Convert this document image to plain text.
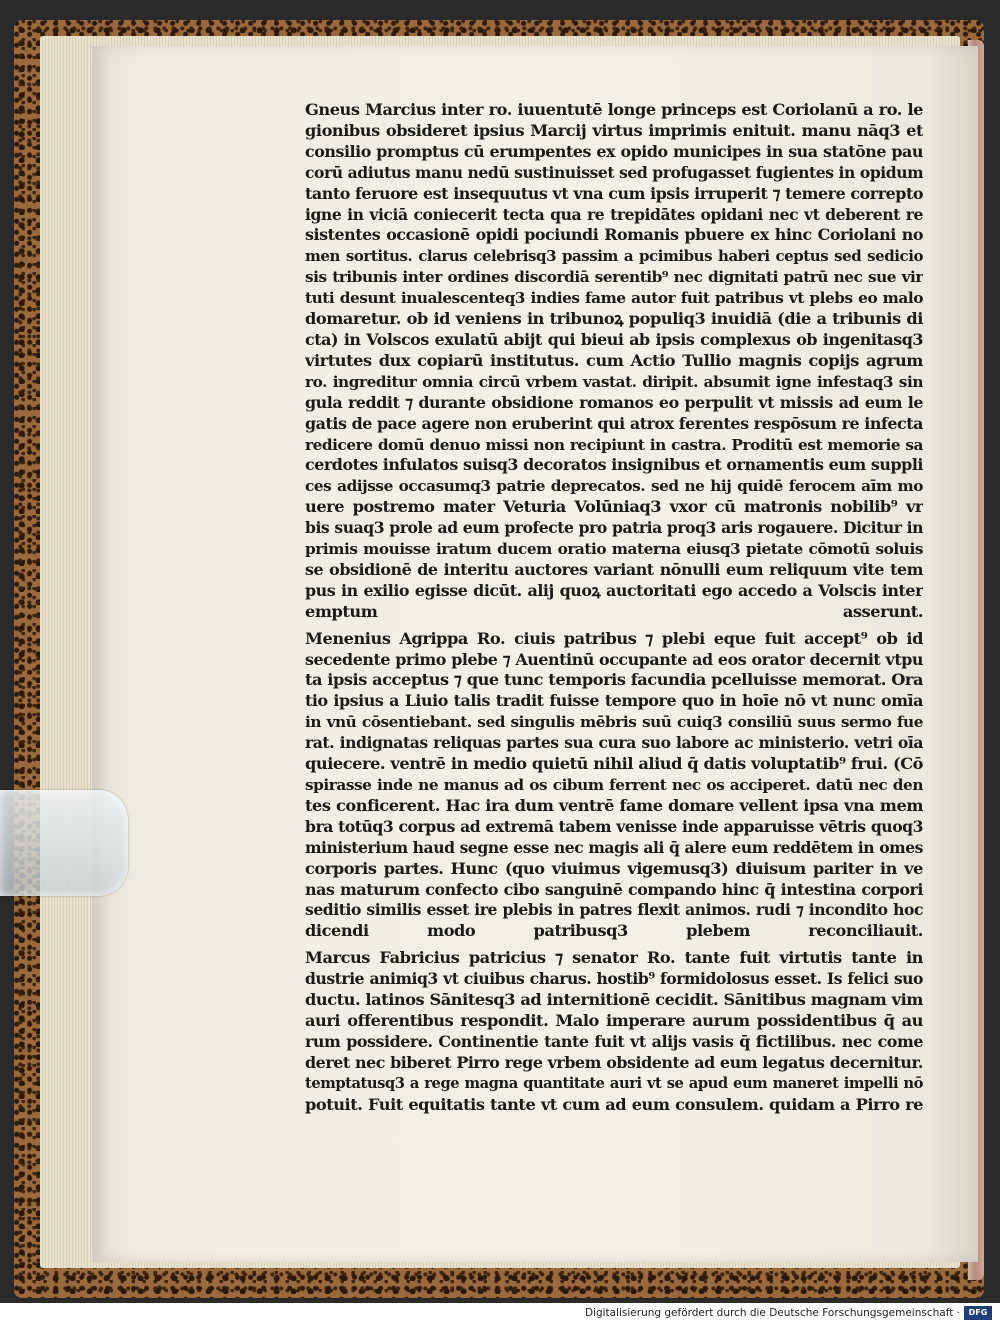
Gneus Marcius inter ro. iuuentutē longe princeps est Coriolanū a ro. le
gionibus obsideret ipsius Marcij virtus imprimis enituit. manu nāq3 et
consilio promptus cū erumpentes ex opido municipes in sua statōne pau
corū adiutus manu nedū sustinuisset sed profugasset fugientes in opidum
tanto feruore est insequutus vt vna cum ipsis irruperit ⁊ temere correpto
igne in viciā coniecerit tecta qua re trepidātes opidani nec vt deberent re
sistentes occasionē opidi pociundi Romanis pbuere ex hinc Coriolani no
men sortitus. clarus celebrisq3 passim a pcimibus haberi ceptus sed sedicio
sis tribunis inter ordines discordiā serentib⁹ nec dignitati patrū nec sue vir
tuti desunt inualescenteq3 indies fame autor fuit patribus vt plebs eo malo
domaretur. ob id veniens in tribunoꝝ populiq3 inuidiā (die a tribunis di
cta) in Volscos exulatū abijt qui bieui ab ipsis complexus ob ingenitasq3
virtutes dux copiarū institutus. cum Actio Tullio magnis copijs agrum
ro. ingreditur omnia circū vrbem vastat. diripit. absumit igne infestaq3 sin
gula reddit ⁊ durante obsidione romanos eo perpulit vt missis ad eum le
gatis de pace agere non eruberint qui atrox ferentes respōsum re infecta
redicere domū denuo missi non recipiunt in castra. Proditū est memorie sa
cerdotes infulatos suisq3 decoratos insignibus et ornamentis eum suppli
ces adijsse occasumq3 patrie deprecatos. sed ne hij quidē ferocem aīm mo
uere postremo mater Veturia Volūniaq3 vxor cū matronis nobilib⁹ vr
bis suaq3 prole ad eum profecte pro patria proq3 aris rogauere. Dicitur in
primis mouisse iratum ducem oratio materna eiusq3 pietate cōmotū soluis
se obsidionē de interitu auctores variant nōnulli eum reliquum vite tem
pus in exilio egisse dicūt. alij quoꝝ auctoritati ego accedo a Volscis inter
emptum asserunt.
Menenius Agrippa Ro. ciuis patribus ⁊ plebi eque fuit accept⁹ ob id
secedente primo plebe ⁊ Auentinū occupante ad eos orator decernit vtpu
ta ipsis acceptus ⁊ que tunc temporis facundia pcelluisse memorat. Ora
tio ipsius a Liuio talis tradit fuisse tempore quo in hoīe nō vt nunc omīa
in vnū cōsentiebant. sed singulis mēbris suū cuiq3 consiliū suus sermo fue
rat. indignatas reliquas partes sua cura suo labore ac ministerio. vetri oīa
quiecere. ventrē in medio quietū nihil aliud q̄ datis voluptatib⁹ frui. (Cō
spirasse inde ne manus ad os cibum ferrent nec os acciperet. datū nec den
tes conficerent. Hac ira dum ventrē fame domare vellent ipsa vna mem
bra totūq3 corpus ad extremā tabem venisse inde apparuisse vētris quoq3
ministerium haud segne esse nec magis ali q̄ alere eum reddētem in omes
corporis partes. Hunc (quo viuimus vigemusq3) diuisum pariter in ve
nas maturum confecto cibo sanguinē compando hinc q̄ intestina corpori
seditio similis esset ire plebis in patres flexit animos. rudi ⁊ incondito hoc
dicendi modo patribusq3 plebem reconciliauit.
Marcus Fabricius patricius ⁊ senator Ro. tante fuit virtutis tante in
dustrie animiq3 vt ciuibus charus. hostib⁹ formidolosus esset. Is felici suo
ductu. latinos Sānitesq3 ad internitionē cecidit. Sānitibus magnam vim
auri offerentibus respondit. Malo imperare aurum possidentibus q̄ au
rum possidere. Continentie tante fuit vt alijs vasis q̄ fictilibus. nec come
deret nec biberet Pirro rege vrbem obsidente ad eum legatus decernitur.
temptatusq3 a rege magna quantitate auri vt se apud eum maneret impelli nō
potuit. Fuit equitatis tante vt cum ad eum consulem. quidam a Pirro re
Digitalisierung gefördert durch die Deutsche Forschungsgemeinschaft ·	DFG
